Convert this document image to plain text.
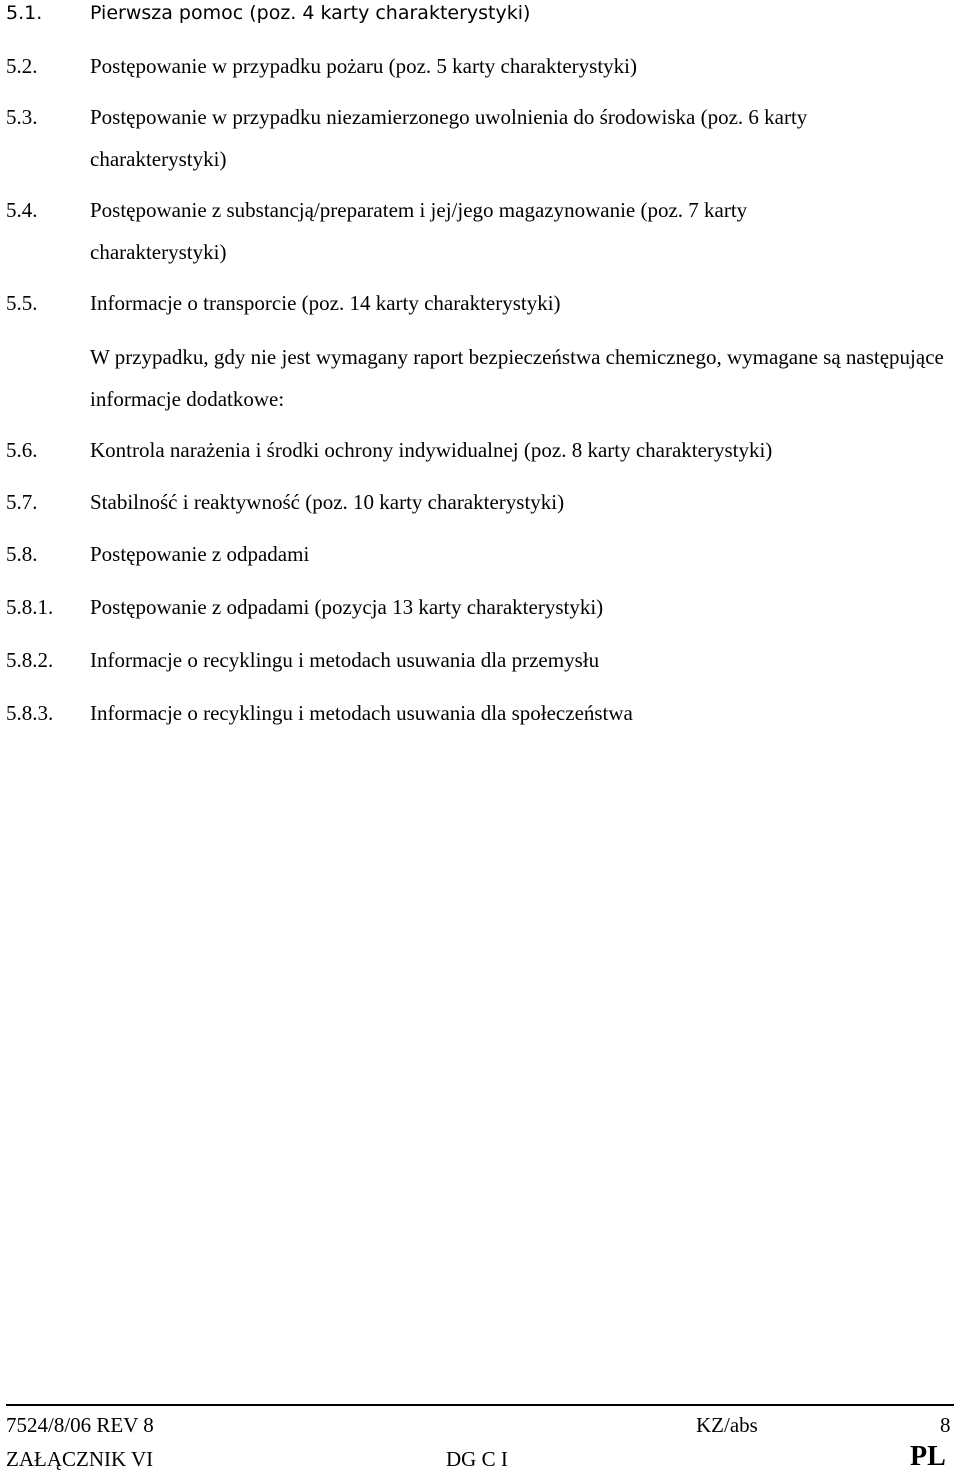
5.1.	Pierwsza pomoc (poz. 4 karty charakterystyki)
5.2.	Postępowanie w przypadku pożaru (poz. 5 karty charakterystyki)
5.3.	Postępowanie w przypadku niezamierzonego uwolnienia do środowiska (poz. 6 karty charakterystyki)
5.4.	Postępowanie z substancją/preparatem i jej/jego magazynowanie (poz. 7 karty charakterystyki)
5.5.	Informacje o transporcie (poz. 14 karty charakterystyki)
W przypadku, gdy nie jest wymagany raport bezpieczeństwa chemicznego, wymagane są następujące informacje dodatkowe:
5.6.	Kontrola narażenia i środki ochrony indywidualnej (poz. 8 karty charakterystyki)
5.7.	Stabilność i reaktywność (poz. 10 karty charakterystyki)
5.8.	Postępowanie z odpadami
5.8.1. Postępowanie z odpadami (pozycja 13 karty charakterystyki)
5.8.2. Informacje o recyklingu i metodach usuwania dla przemysłu
5.8.3. Informacje o recyklingu i metodach usuwania dla społeczeństwa
7524/8/06 REV 8	KZ/abs	8
ZAŁĄCZNIK VI	DG C I	PL
